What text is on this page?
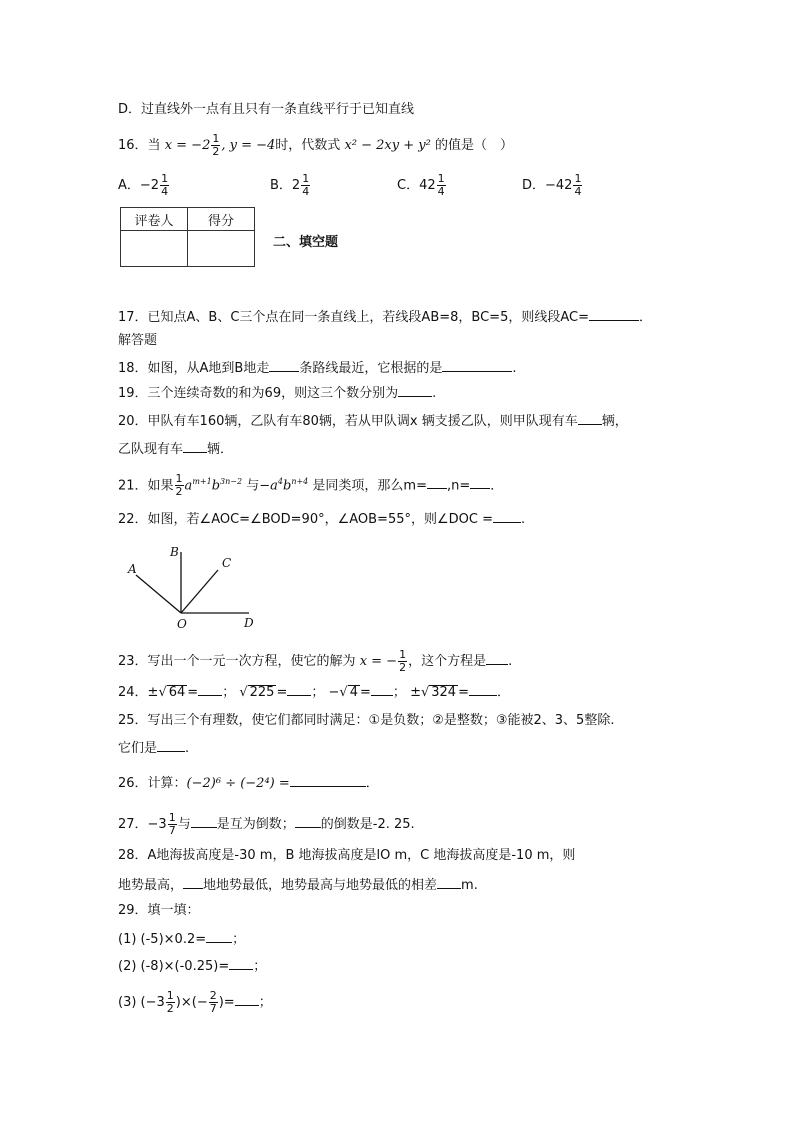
D．过直线外一点有且只有一条直线平行于已知直线
16．当 $x = -2 \frac{1}{2}$ , y = −4时，代数式 x² − 2xy + y² 的值是（　）
A．$-2 \frac{1}{4}$	B．$2 \frac{1}{4}$	C．$42 \frac{1}{4}$	D．$-42 \frac{1}{4}$
评卷人	得分

二、填空题
17．已知点A、B、C三个点在同一条直线上，若线段AB=8，BC=5，则线段AC=	．
解答题
18．如图，从A地到B地走 条路线最近，它根据的是	.
19．三个连续奇数的和为69，则这三个数分别为	.
20．甲队有车160辆，乙队有车80辆，若从甲队调x 辆支援乙队，则甲队现有车 辆，
乙队现有车 辆．
21．如果 $\frac{1}{2} a^{m+1}b^{3n-2}$ 与$-a^4b^{n+4}$ 是同类项，那么m= ,n= ．
22．如图，若∠AOC=∠BOD=90°，∠AOB=55°，则∠DOC = .
A
B
C
O	D
23．写出一个一元一次方程，使它的解为 x = − $\frac{1}{2}$ ，这个方程是 .
24．±√ 64 = ； √ 225 = ； −√ 4 = ； ±√ 324 = ．
25．写出三个有理数，使它们都同时满足：①是负数；②是整数；③能被2、3、5整除.
它们是 .
26．计算：(−2)⁶ ÷ (−2⁴) =	．
27．$-3 \frac{1}{7}$ 与 是互为倒数； 的倒数是-2. 25.
28．A地海拔高度是-30 m，B 地海拔高度是lO m，C 地海拔高度是-10 m，则
地势最高， 地地势最低，地势最高与地势最低的相差 m.
29．填一填：
(1) (-5)×0.2= ；
(2) (-8)×(-0.25)= ；
(3) ($-3 \frac{1}{2}$ )×(− $\frac{2}{7}$ )= ；
